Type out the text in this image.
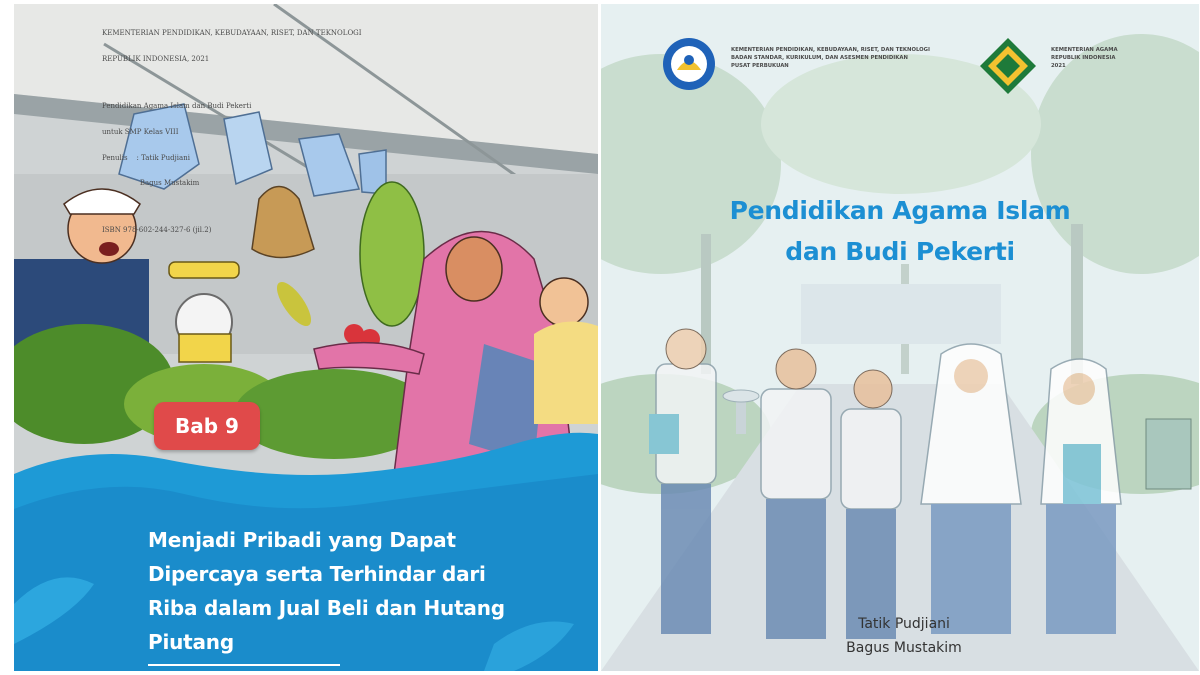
KEMENTERIAN PENDIDIKAN, KEBUDAYAAN, RISET, DAN TEKNOLOGI

REPUBLIK INDONESIA, 2021

Pendidikan Agama Islam dan Budi Pekerti

untuk SMP Kelas VIII

Penulis    : Tatik Pudjiani

Bagus Mustakim

ISBN 978-602-244-327-6 (jil.2)

Bab 9
Menjadi Pribadi yang Dapat
Dipercaya serta Terhindar dari
Riba dalam Jual Beli dan Hutang
Piutang
KEMENTERIAN PENDIDIKAN, KEBUDAYAAN, RISET, DAN TEKNOLOGI
BADAN STANDAR, KURIKULUM, DAN ASESMEN PENDIDIKAN
PUSAT PERBUKUAN
KEMENTERIAN AGAMA
REPUBLIK INDONESIA
2021
Pendidikan Agama Islam
dan Budi Pekerti
Tatik Pudjiani
Bagus Mustakim
